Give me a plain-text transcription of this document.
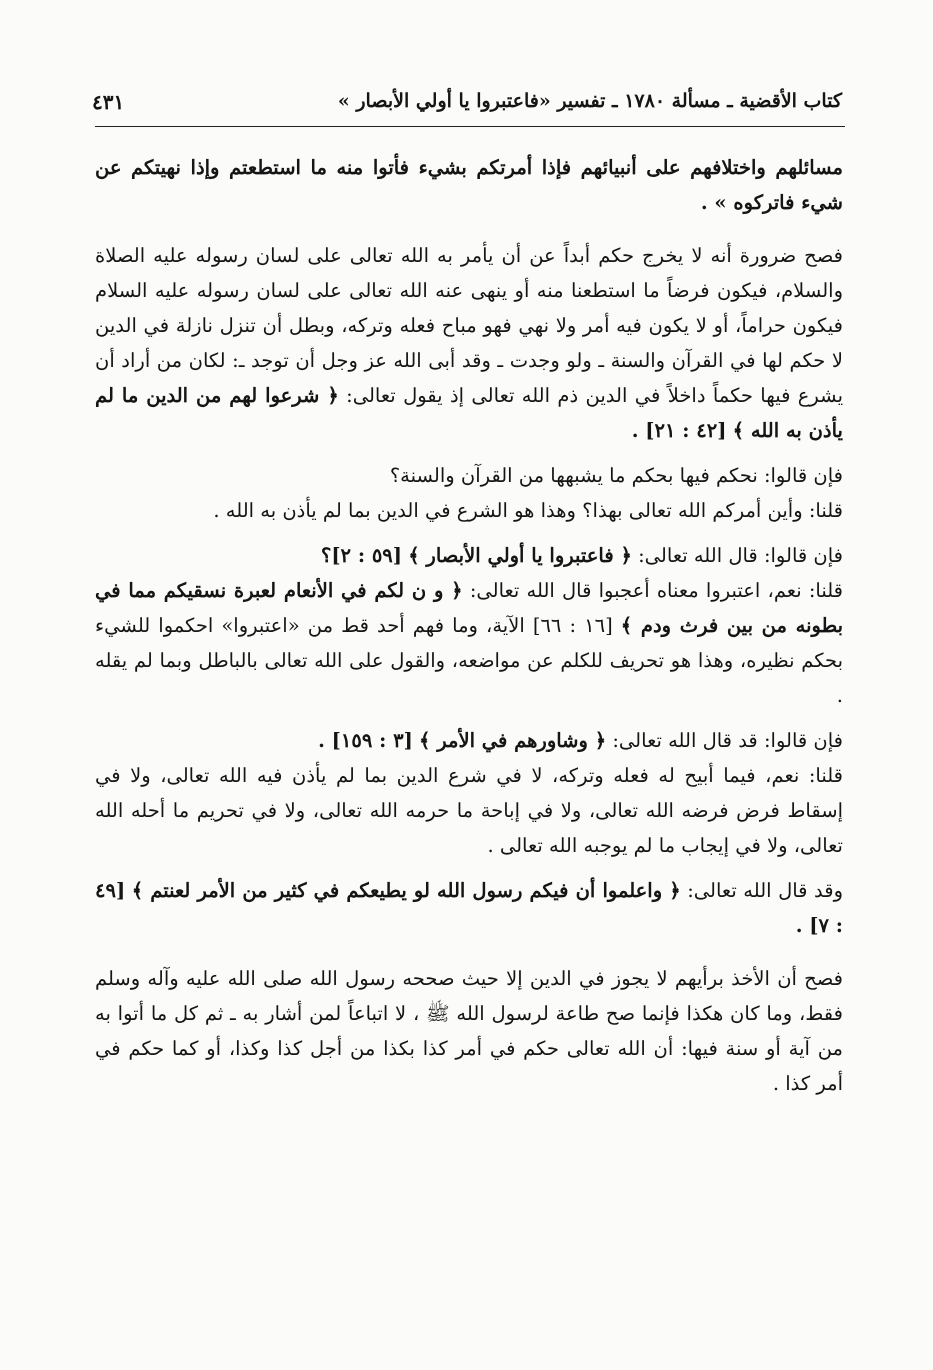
كتاب الأقضية ـ مسألة ١٧٨٠ ـ تفسير «فاعتبروا يا أولي الأبصار »
٤٣١

مسائلهم واختلافهم على أنبيائهم فإذا أمرتكم بشيء فأتوا منه ما استطعتم وإذا نهيتكم عن شيء فاتركوه » .

فصح ضرورة أنه لا يخرج حكم أبداً عن أن يأمر به الله تعالى على لسان رسوله عليه الصلاة والسلام، فيكون فرضاً ما استطعنا منه أو ينهى عنه الله تعالى على لسان رسوله عليه السلام فيكون حراماً، أو لا يكون فيه أمر ولا نهي فهو مباح فعله وتركه، وبطل أن تنزل نازلة في الدين لا حكم لها في القرآن والسنة ـ ولو وجدت ـ وقد أبى الله عز وجل أن توجد ـ: لكان من أراد أن يشرع فيها حكماً داخلاً في الدين ذم الله تعالى إذ يقول تعالى: ﴿ شرعوا لهم من الدين ما لم يأذن به الله ﴾ [٤٢ : ٢١] .

فإن قالوا: نحكم فيها بحكم ما يشبهها من القرآن والسنة؟

قلنا: وأين أمركم الله تعالى بهذا؟ وهذا هو الشرع في الدين بما لم يأذن به الله .

فإن قالوا: قال الله تعالى: ﴿ فاعتبروا يا أولي الأبصار ﴾ [٥٩ : ٢]؟

قلنا: نعم، اعتبروا معناه أعجبوا قال الله تعالى: ﴿ و ن لكم في الأنعام لعبرة نسقيكم مما في بطونه من بين فرث ودم ﴾ [١٦ : ٦٦] الآية، وما فهم أحد قط من «اعتبروا» احكموا للشيء بحكم نظيره، وهذا هو تحريف للكلم عن مواضعه، والقول على الله تعالى بالباطل وبما لم يقله .

فإن قالوا: قد قال الله تعالى: ﴿ وشاورهم في الأمر ﴾ [٣ : ١٥٩] .

قلنا: نعم، فيما أبيح له فعله وتركه، لا في شرع الدين بما لم يأذن فيه الله تعالى، ولا في إسقاط فرض فرضه الله تعالى، ولا في إباحة ما حرمه الله تعالى، ولا في تحريم ما أحله الله تعالى، ولا في إيجاب ما لم يوجبه الله تعالى .

وقد قال الله تعالى: ﴿ واعلموا أن فيكم رسول الله لو يطيعكم في كثير من الأمر لعنتم ﴾ [٤٩ : ٧] .

فصح أن الأخذ برأيهم لا يجوز في الدين إلا حيث صححه رسول الله صلى الله عليه وآله وسلم فقط، وما كان هكذا فإنما صح طاعة لرسول الله ﷺ ، لا اتباعاً لمن أشار به ـ ثم كل ما أتوا به من آية أو سنة فيها: أن الله تعالى حكم في أمر كذا بكذا من أجل كذا وكذا، أو كما حكم في أمر كذا .
